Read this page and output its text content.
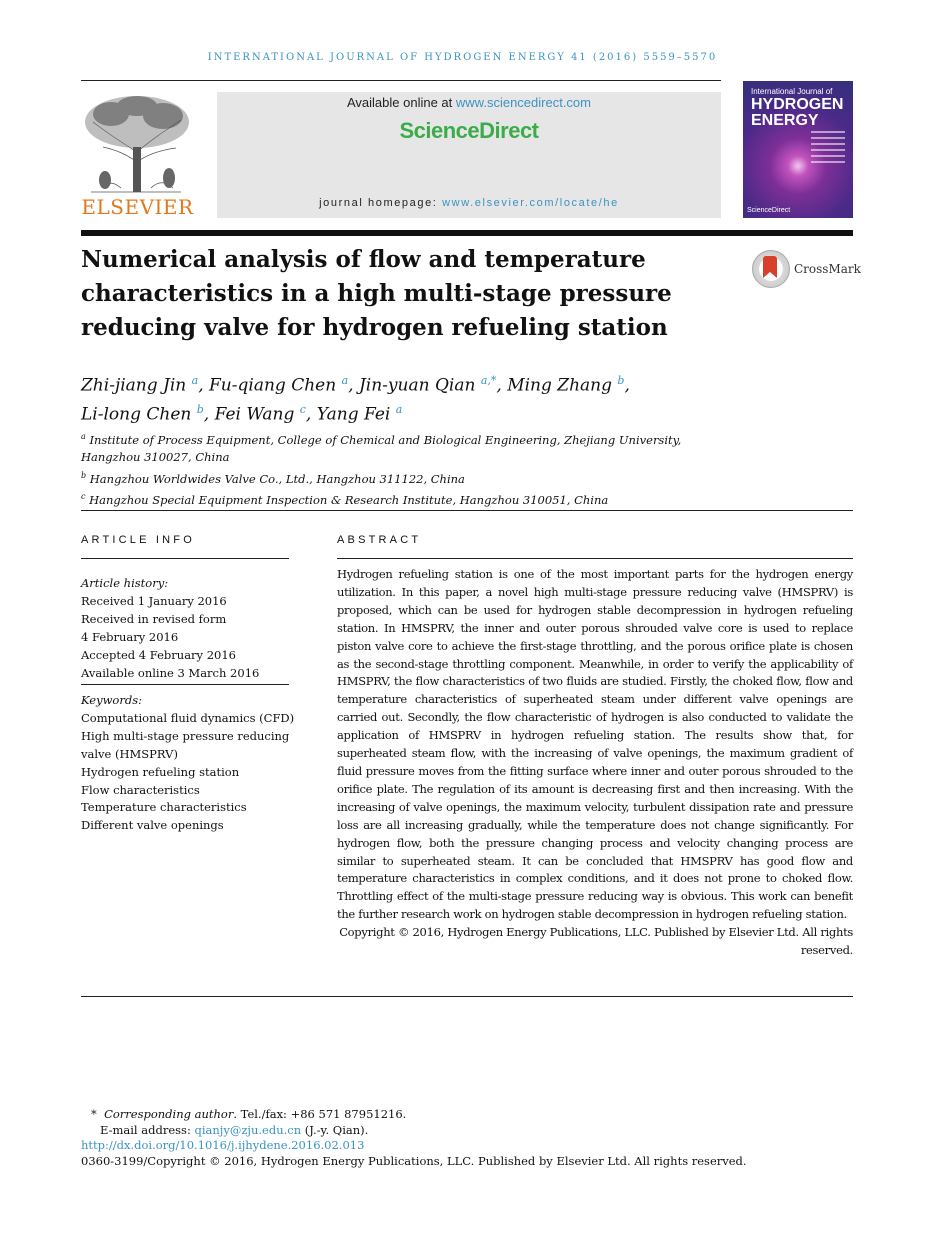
INTERNATIONAL JOURNAL OF HYDROGEN ENERGY 41 (2016) 5559–5570
ELSEVIER
Available online at www.sciencedirect.com
ScienceDirect
journal homepage: www.elsevier.com/locate/he
International Journal of
HYDROGEN
ENERGY
ScienceDirect
Numerical analysis of flow and temperature characteristics in a high multi-stage pressure reducing valve for hydrogen refueling station
CrossMark
Zhi-jiang Jin $^a$, Fu-qiang Chen $^a$, Jin-yuan Qian $^{a,*}$, Ming Zhang $^b$,
Li-long Chen $^b$, Fei Wang $^c$, Yang Fei $^a$

$^a$ Institute of Process Equipment, College of Chemical and Biological Engineering, Zhejiang University, Hangzhou 310027, China

$^b$ Hangzhou Worldwides Valve Co., Ltd., Hangzhou 311122, China

$^c$ Hangzhou Special Equipment Inspection & Research Institute, Hangzhou 310051, China

ARTICLE INFO
Article history:
Received 1 January 2016
Received in revised form
4 February 2016
Accepted 4 February 2016
Available online 3 March 2016
Keywords:
Computational fluid dynamics (CFD)
High multi-stage pressure reducing
valve (HMSPRV)
Hydrogen refueling station
Flow characteristics
Temperature characteristics
Different valve openings
ABSTRACT

Hydrogen refueling station is one of the most important parts for the hydrogen energy utilization. In this paper, a novel high multi-stage pressure reducing valve (HMSPRV) is proposed, which can be used for hydrogen stable decompression in hydrogen refueling station. In HMSPRV, the inner and outer porous shrouded valve core is used to replace piston valve core to achieve the first-stage throttling, and the porous orifice plate is chosen as the second-stage throttling component. Meanwhile, in order to verify the applicability of HMSPRV, the flow characteristics of two fluids are studied. Firstly, the choked flow, flow and temperature characteristics of superheated steam under different valve openings are carried out. Secondly, the flow characteristic of hydrogen is also conducted to validate the application of HMSPRV in hydrogen refueling station. The results show that, for superheated steam flow, with the increasing of valve openings, the maximum gradient of fluid pressure moves from the fitting surface where inner and outer porous shrouded to the orifice plate. The regulation of its amount is decreasing first and then increasing. With the increasing of valve openings, the maximum velocity, turbulent dissipation rate and pressure loss are all increasing gradually, while the temperature does not change significantly. For hydrogen flow, both the pressure changing process and velocity changing process are similar to superheated steam. It can be concluded that HMSPRV has good flow and temperature characteristics in complex conditions, and it does not prone to choked flow. Throttling effect of the multi-stage pressure reducing way is obvious. This work can benefit the further research work on hydrogen stable decompression in hydrogen refueling station.

Copyright © 2016, Hydrogen Energy Publications, LLC. Published by Elsevier Ltd. All rights reserved.

* Corresponding author. Tel./fax: +86 571 87951216.
E-mail address: qianjy@zju.edu.cn (J.-y. Qian).
http://dx.doi.org/10.1016/j.ijhydene.2016.02.013
0360-3199/Copyright © 2016, Hydrogen Energy Publications, LLC. Published by Elsevier Ltd. All rights reserved.
